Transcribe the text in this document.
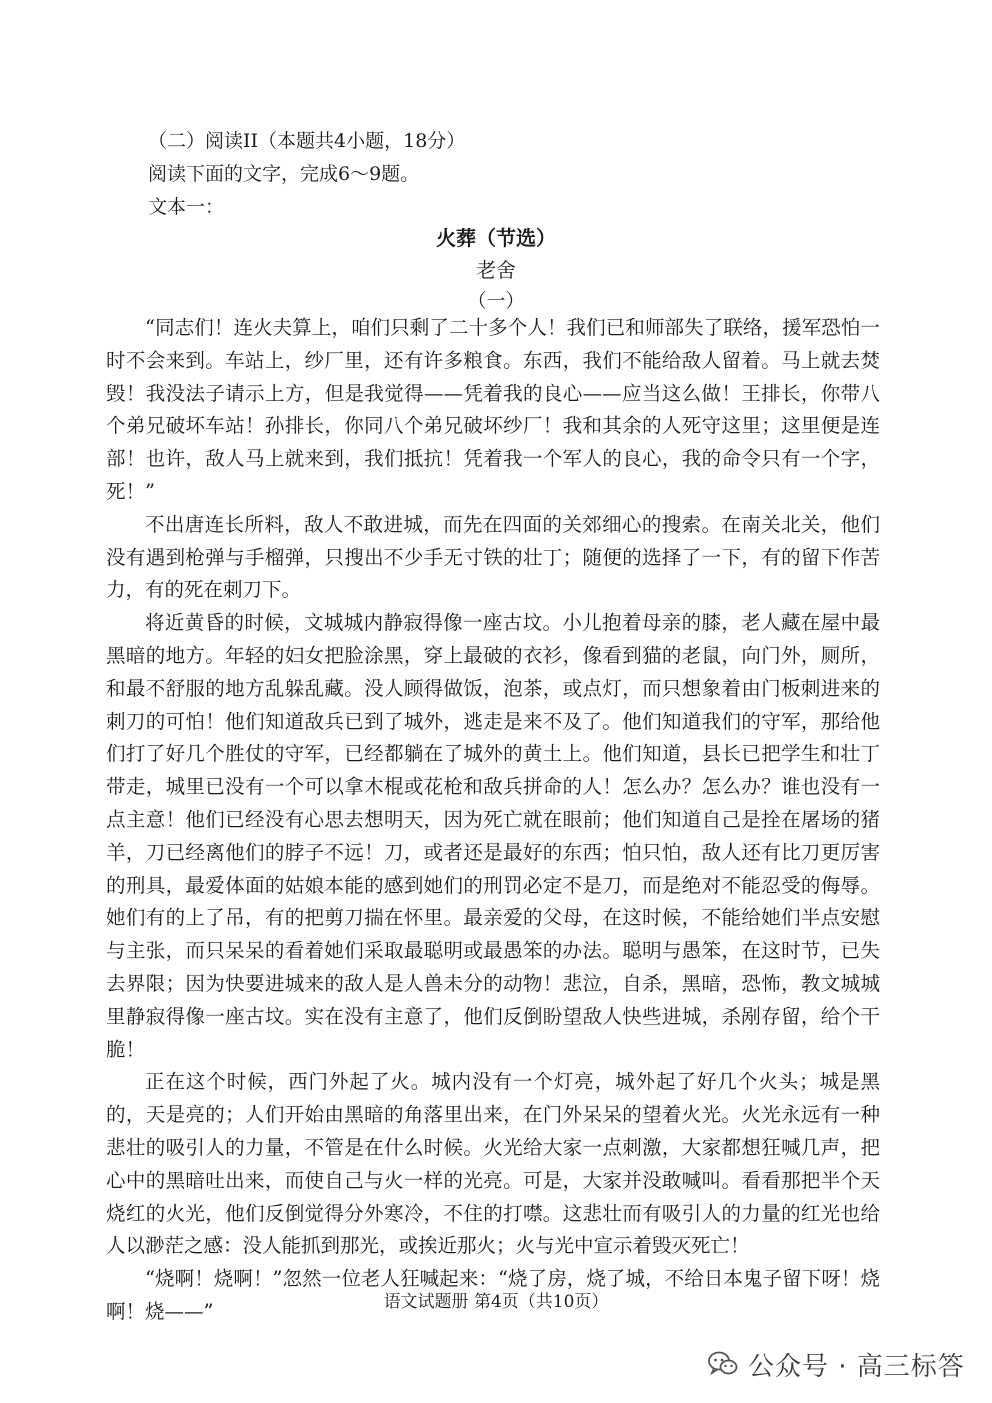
（二）阅读II（本题共4小题，18分）
阅读下面的文字，完成6～9题。
文本一：
火葬（节选）
老舍
（一）

“同志们！连火夫算上，咱们只剩了二十多个人！我们已和师部失了联络，援军恐怕一时不会来到。车站上，纱厂里，还有许多粮食。东西，我们不能给敌人留着。马上就去焚毁！我没法子请示上方，但是我觉得——凭着我的良心——应当这么做！王排长，你带八个弟兄破坏车站！孙排长，你同八个弟兄破坏纱厂！我和其余的人死守这里；这里便是连部！也许，敌人马上就来到，我们抵抗！凭着我一个军人的良心，我的命令只有一个字，死！”

不出唐连长所料，敌人不敢进城，而先在四面的关郊细心的搜索。在南关北关，他们没有遇到枪弹与手榴弹，只搜出不少手无寸铁的壮丁；随便的选择了一下，有的留下作苦力，有的死在刺刀下。

将近黄昏的时候，文城城内静寂得像一座古坟。小儿抱着母亲的膝，老人藏在屋中最黑暗的地方。年轻的妇女把脸涂黑，穿上最破的衣衫，像看到猫的老鼠，向门外，厕所，和最不舒服的地方乱躲乱藏。没人顾得做饭，泡茶，或点灯，而只想象着由门板刺进来的刺刀的可怕！他们知道敌兵已到了城外，逃走是来不及了。他们知道我们的守军，那给他们打了好几个胜仗的守军，已经都躺在了城外的黄土上。他们知道，县长已把学生和壮丁带走，城里已没有一个可以拿木棍或花枪和敌兵拼命的人！怎么办？怎么办？谁也没有一点主意！他们已经没有心思去想明天，因为死亡就在眼前；他们知道自己是拴在屠场的猪羊，刀已经离他们的脖子不远！刀，或者还是最好的东西；怕只怕，敌人还有比刀更厉害的刑具，最爱体面的姑娘本能的感到她们的刑罚必定不是刀，而是绝对不能忍受的侮辱。她们有的上了吊，有的把剪刀揣在怀里。最亲爱的父母，在这时候，不能给她们半点安慰与主张，而只呆呆的看着她们采取最聪明或最愚笨的办法。聪明与愚笨，在这时节，已失去界限；因为快要进城来的敌人是人兽未分的动物！悲泣，自杀，黑暗，恐怖，教文城城里静寂得像一座古坟。实在没有主意了，他们反倒盼望敌人快些进城，杀剐存留，给个干脆！

正在这个时候，西门外起了火。城内没有一个灯亮，城外起了好几个火头；城是黑的，天是亮的；人们开始由黑暗的角落里出来，在门外呆呆的望着火光。火光永远有一种悲壮的吸引人的力量，不管是在什么时候。火光给大家一点刺激，大家都想狂喊几声，把心中的黑暗吐出来，而使自己与火一样的光亮。可是，大家并没敢喊叫。看看那把半个天烧红的火光，他们反倒觉得分外寒冷，不住的打噤。这悲壮而有吸引人的力量的红光也给人以渺茫之感：没人能抓到那光，或挨近那火；火与光中宣示着毁灭死亡！

“烧啊！烧啊！”忽然一位老人狂喊起来：“烧了房，烧了城，不给日本鬼子留下呀！烧啊！烧——”	语文试题册 第4页（共10页）
公众号 · 高三标答
